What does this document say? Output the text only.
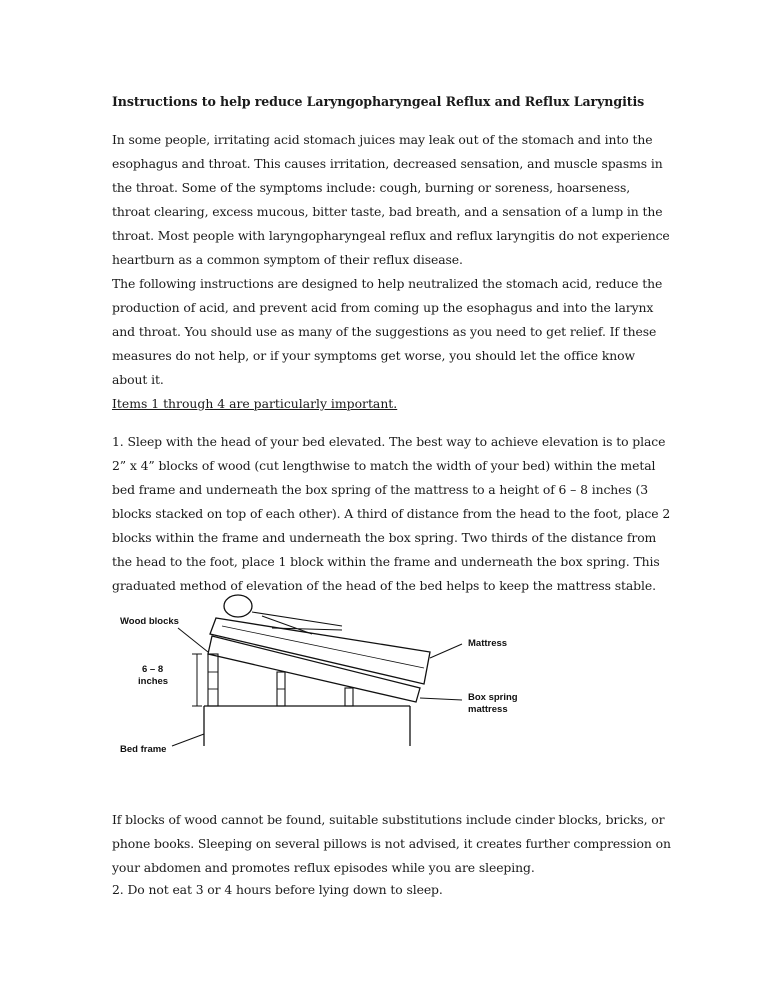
Instructions to help reduce Laryngopharyngeal Reflux and Reflux Laryngitis

In some people, irritating acid stomach juices may leak out of the stomach and into the esophagus and throat. This causes irritation, decreased sensation, and muscle spasms in the throat. Some of the symptoms include: cough, burning or soreness, hoarseness, throat clearing, excess mucous, bitter taste, bad breath, and a sensation of a lump in the throat. Most people with laryngopharyngeal reflux and reflux laryngitis do not experience heartburn as a common symptom of their reflux disease.

The following instructions are designed to help neutralized the stomach acid, reduce the production of acid, and prevent acid from coming up the esophagus and into the larynx and throat. You should use as many of the suggestions as you need to get relief. If these measures do not help, or if your symptoms get worse, you should let the office know about it.

Items 1 through 4 are particularly important.

1. Sleep with the head of your bed elevated. The best way to achieve elevation is to place 2” x 4” blocks of wood (cut lengthwise to match the width of your bed) within the metal bed frame and underneath the box spring of the mattress to a height of 6 – 8 inches (3 blocks stacked on top of each other). A third of distance from the head to the foot, place 2 blocks within the frame and underneath the box spring. Two thirds of the distance from the head to the foot, place 1 block within the frame and underneath the box spring. This graduated method of elevation of the head of the bed helps to keep the mattress stable.

Wood blocks
6 – 8
inches
Bed frame
Mattress
Box spring
mattress

If blocks of wood cannot be found, suitable substitutions include cinder blocks, bricks, or phone books. Sleeping on several pillows is not advised, it creates further compression on your abdomen and promotes reflux episodes while you are sleeping.

2. Do not eat 3 or 4 hours before lying down to sleep.
